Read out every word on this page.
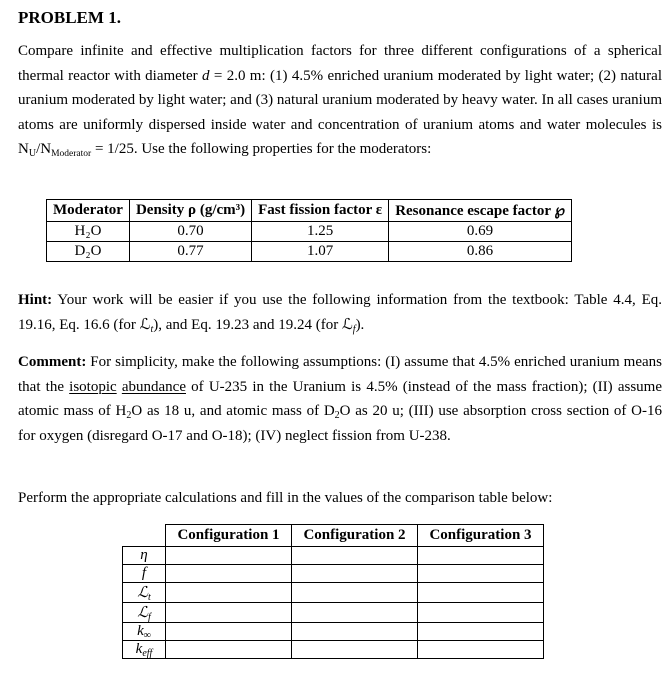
PROBLEM 1.
Compare infinite and effective multiplication factors for three different configurations of a spherical thermal reactor with diameter d = 2.0 m: (1) 4.5% enriched uranium moderated by light water; (2) natural uranium moderated by light water; and (3) natural uranium moderated by heavy water. In all cases uranium atoms are uniformly dispersed inside water and concentration of uranium atoms and water molecules is $N_U/N_{Moderator} = 1/25$. Use the following properties for the moderators:
Moderator	Density ρ (g/cm³)	Fast fission factor ε	Resonance escape factor ℘
H₂O	0.70	1.25	0.69
D₂O	0.77	1.07	0.86
Hint: Your work will be easier if you use the following information from the textbook: Table 4.4, Eq. 19.16, Eq. 16.6 (for ℒ$_t$), and Eq. 19.23 and 19.24 (for ℒ$_f$).
Comment: For simplicity, make the following assumptions: (I) assume that 4.5% enriched uranium means that the isotopic abundance of U-235 in the Uranium is 4.5% (instead of the mass fraction); (II) assume atomic mass of $H_2O$ as 18 u, and atomic mass of $D_2O$ as 20 u; (III) use absorption cross section of O-16 for oxygen (disregard O-17 and O-18); (IV) neglect fission from U-238.
Perform the appropriate calculations and fill in the values of the comparison table below:
	Configuration 1	Configuration 2	Configuration 3
η			
f			
ℒ$_t$			
ℒ$_f$			
$k_\infty$			
$k_{eff}$			
